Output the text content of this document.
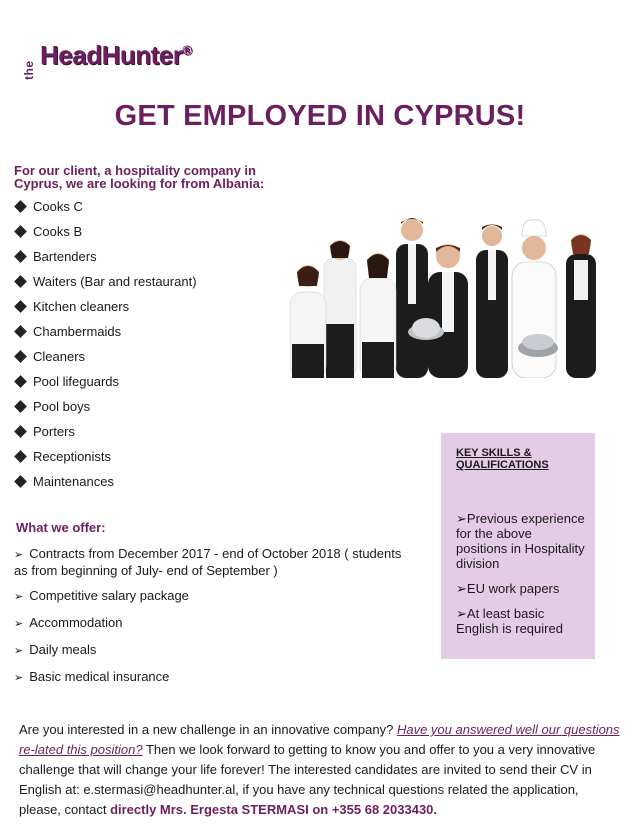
the
HeadHunter®
GET EMPLOYED IN CYPRUS!
For our client, a hospitality company in Cyprus, we are looking for from Albania:
Cooks C
Cooks B
Bartenders
Waiters (Bar and restaurant)
Kitchen cleaners
Chambermaids
Cleaners
Pool lifeguards
Pool boys
Porters
Receptionists
Maintenances
What we offer:
➢ Contracts from December 2017 - end of October 2018 ( students as from beginning of July- end of September )
➢ Competitive salary package
➢ Accommodation
➢ Daily meals
➢ Basic medical insurance
KEY SKILLS & QUALIFICATIONS
➢Previous experience for the above positions in Hospitality division
➢EU work papers
➢At least basic English is required

Are you interested in a new challenge in an innovative company? Have you answered well our questions re-lated this position? Then we look forward to getting to know you and offer to you a very innovative challenge that will change your life forever! The interested candidates are invited to send their CV in English at: e.stermasi@headhunter.al, if you have any technical questions related the application, please, contact directly Mrs. Ergesta STERMASI on +355 68 2033430.
